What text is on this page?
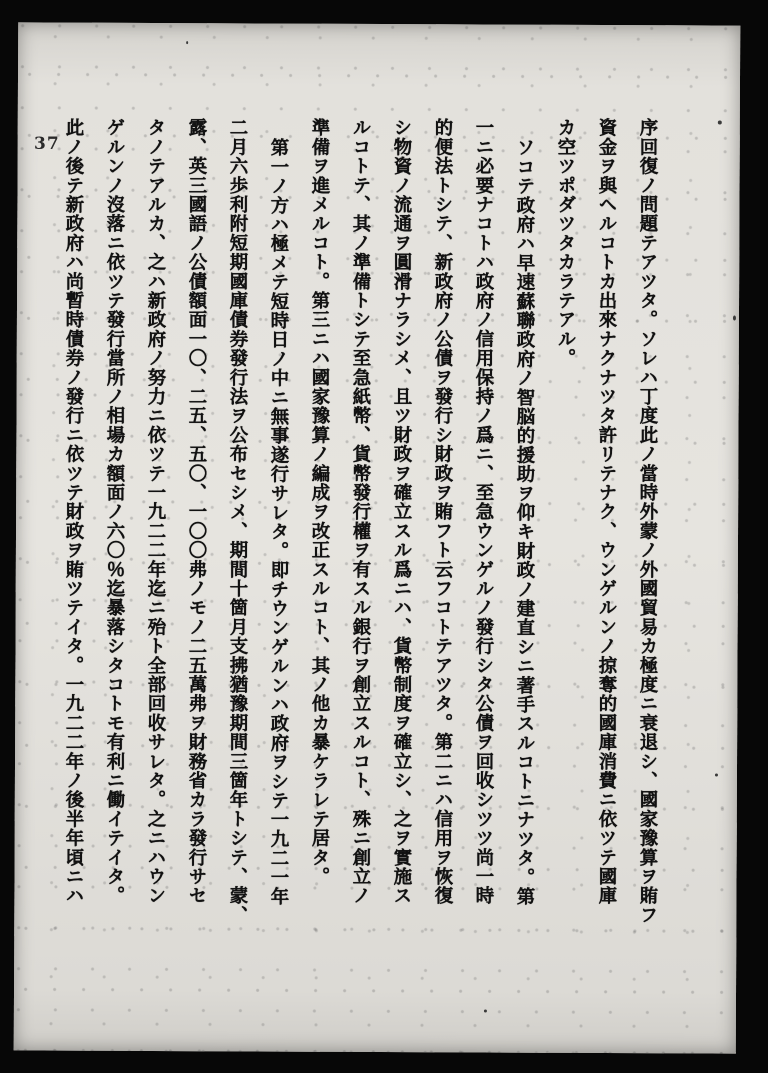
37	序回復ノ問題テアツタ。ソレハ丁度此ノ當時外蒙ノ外國貿易カ極度ニ衰退シ、國家豫算ヲ賄フ

資金ヲ與ヘルコトカ出來ナクナツタ許リテナク、ウンゲルンノ掠奪的國庫消費ニ依ツテ國庫

カ空ツポダツタカラテアル。

ソコテ政府ハ早速蘇聯政府ノ智脳的援助ヲ仰キ財政ノ建直シニ著手スルコトニナツタ。第

一ニ必要ナコトハ政府ノ信用保持ノ爲ニ、至急ウンゲルノ發行シタ公債ヲ回收シツツ尚一時

的便法トシテ、新政府ノ公債ヲ發行シ財政ヲ賄フト云フコトテアツタ。第二ニハ信用ヲ恢復

シ物資ノ流通ヲ圓滑ナラシメ、且ツ財政ヲ確立スル爲ニハ、貨幣制度ヲ確立シ、之ヲ實施ス

ルコトテ、其ノ準備トシテ至急紙幣、貨幣發行權ヲ有スル銀行ヲ創立スルコト、殊ニ創立ノ

準備ヲ進メルコト。第三ニハ國家豫算ノ編成ヲ改正スルコト、其ノ他カ暴ケラレテ居タ。

第一ノ方ハ極メテ短時日ノ中ニ無事遂行サレタ。即チウンゲルンハ政府ヲシテ一九二一年

二月六歩利附短期國庫債券發行法ヲ公布セシメ、期間十箇月支拂猶豫期間三箇年トシテ、蒙、

露、英三國語ノ公債額面一〇、二五、五〇、一〇〇弗ノモノ二五萬弗ヲ財務省カラ發行サセ

タノテアルカ、之ハ新政府ノ努力ニ依ツテ一九二二年迄ニ殆ト全部回收サレタ。之ニハウン

ゲルンノ沒落ニ依ツテ發行當所ノ相場カ額面ノ六〇％迄暴落シタコトモ有利ニ働イテイタ。

此ノ後テ新政府ハ尚暫時債券ノ發行ニ依ツテ財政ヲ賄ツテイタ。一九二二年ノ後半年頃ニハ
